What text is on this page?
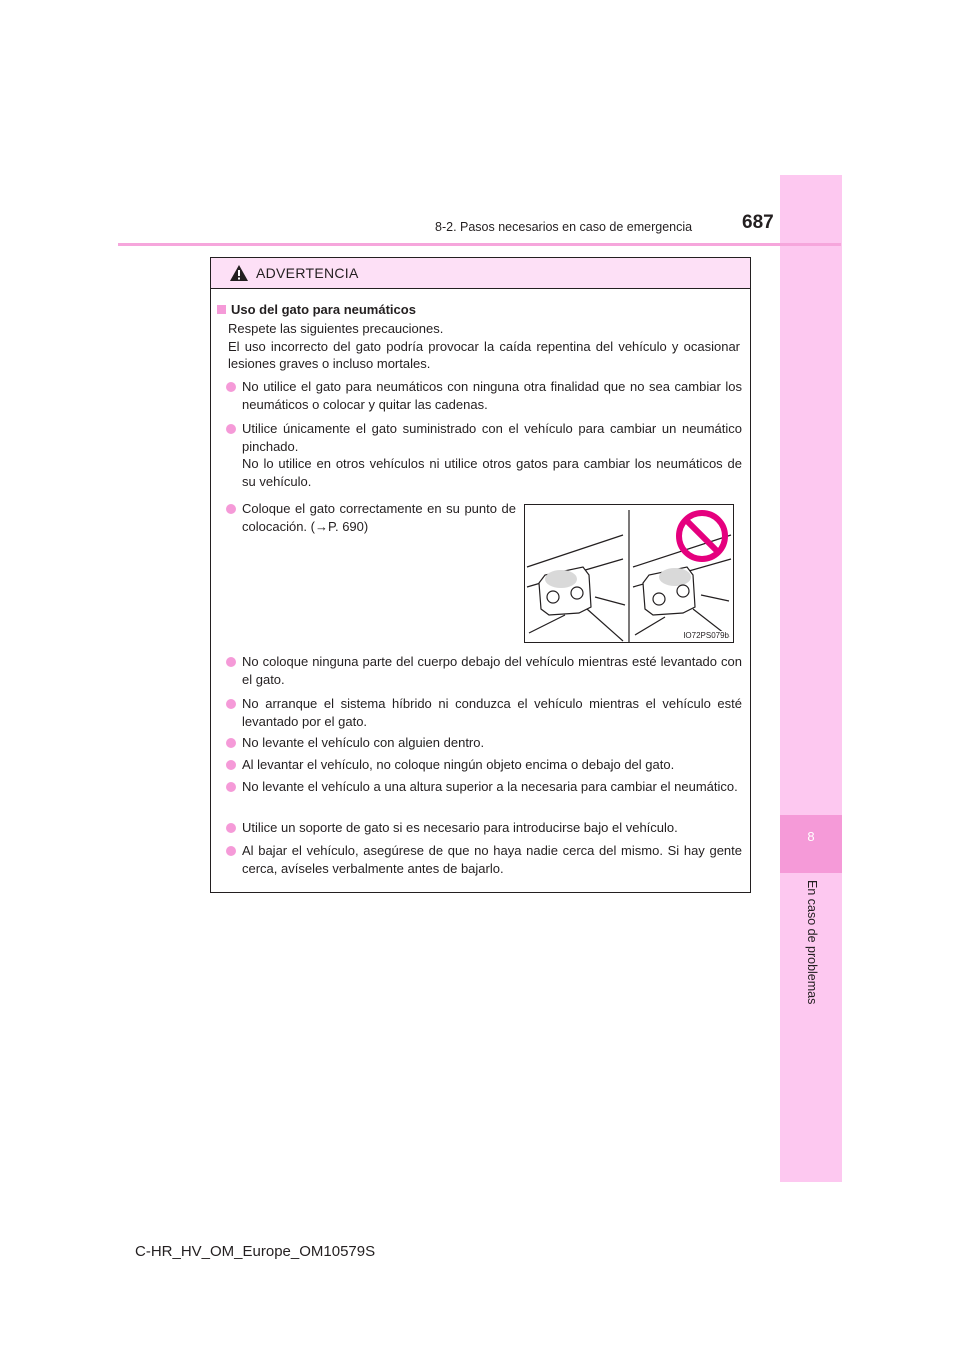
8
En caso de problemas
8-2. Pasos necesarios en caso de emergencia	687
ADVERTENCIA
Uso del gato para neumáticos
Respete las siguientes precauciones.
El uso incorrecto del gato podría provocar la caída repentina del vehículo y ocasionar lesiones graves o incluso mortales.
No utilice el gato para neumáticos con ninguna otra finalidad que no sea cambiar los neumáticos o colocar y quitar las cadenas.
Utilice únicamente el gato suministrado con el vehículo para cambiar un neumático pinchado.
No lo utilice en otros vehículos ni utilice otros gatos para cambiar los neumáticos de su vehículo.
Coloque el gato correctamente en su punto de colocación. (→P. 690)
IO72PS079b
No coloque ninguna parte del cuerpo debajo del vehículo mientras esté levantado con el gato.
No arranque el sistema híbrido ni conduzca el vehículo mientras el vehículo esté levantado por el gato.
No levante el vehículo con alguien dentro.
Al levantar el vehículo, no coloque ningún objeto encima o debajo del gato.
No levante el vehículo a una altura superior a la necesaria para cambiar el neumático.
Utilice un soporte de gato si es necesario para introducirse bajo el vehículo.
Al bajar el vehículo, asegúrese de que no haya nadie cerca del mismo. Si hay gente cerca, avíseles verbalmente antes de bajarlo.
C-HR_HV_OM_Europe_OM10579S
